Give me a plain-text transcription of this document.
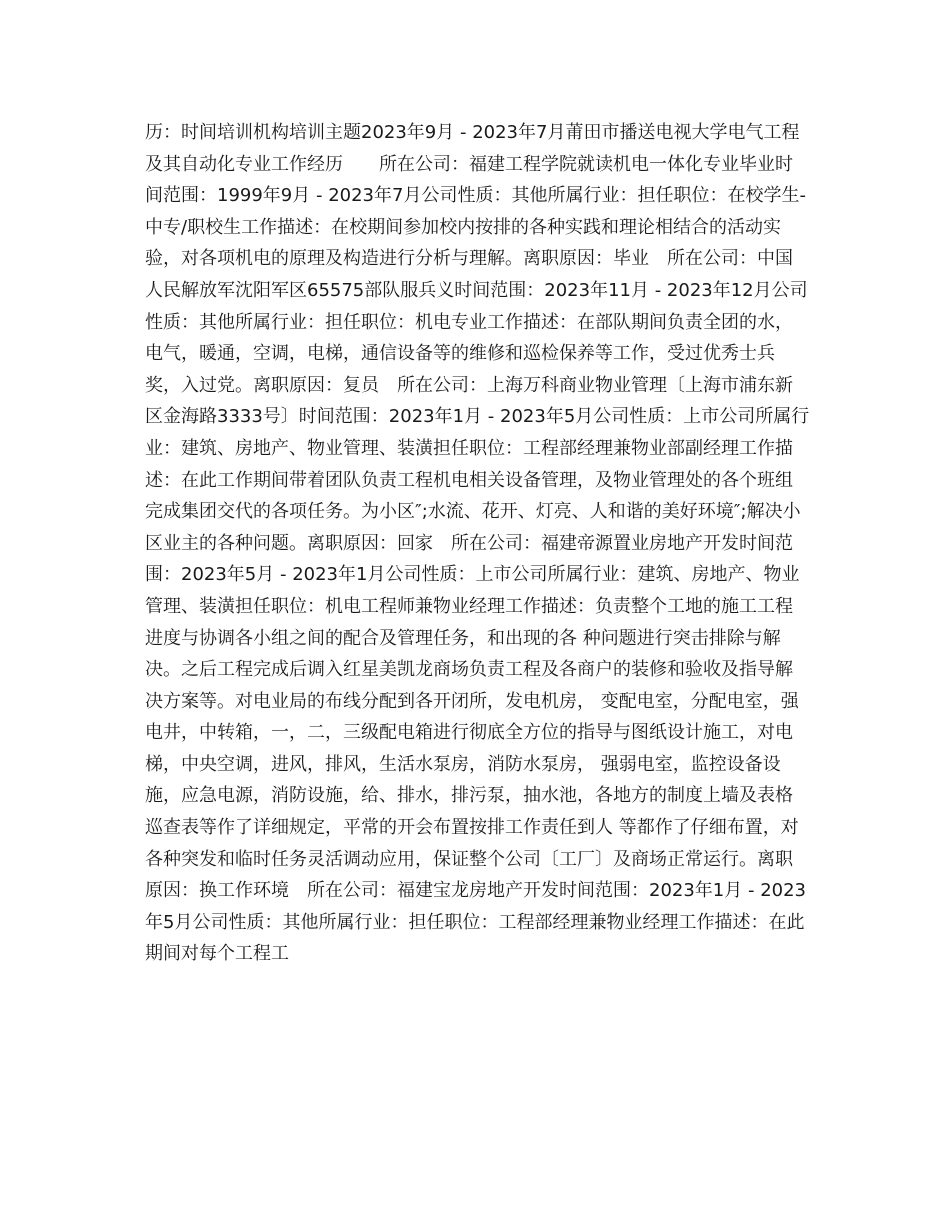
历：时间培训机构培训主题2023年9月 - 2023年7月莆田市播送电视大学电气工程及其自动化专业工作经历　　所在公司：福建工程学院就读机电一体化专业毕业时间范围：1999年9月 - 2023年7月公司性质：其他所属行业：担任职位：在校学生-中专/职校生工作描述：在校期间参加校内按排的各种实践和理论相结合的活动实验，对各项机电的原理及构造进行分析与理解。离职原因：毕业　所在公司：中国人民解放军沈阳军区65575部队服兵义时间范围：2023年11月 - 2023年12月公司性质：其他所属行业：担任职位：机电专业工作描述：在部队期间负责全团的水，电气，暖通，空调，电梯，通信设备等的维修和巡检保养等工作，受过优秀士兵奖，入过党。离职原因：复员　所在公司：上海万科商业物业管理〔上海市浦东新区金海路3333号〕时间范围：2023年1月 - 2023年5月公司性质：上市公司所属行业：建筑、房地产、物业管理、装潢担任职位：工程部经理兼物业部副经理工作描述：在此工作期间带着团队负责工程机电相关设备管理，及物业管理处的各个班组完成集团交代的各项任务。为小区″;水流、花开、灯亮、人和谐的美好环境″;解决小区业主的各种问题。离职原因：回家　所在公司：福建帝源置业房地产开发时间范围：2023年5月 - 2023年1月公司性质：上市公司所属行业：建筑、房地产、物业管理、装潢担任职位：机电工程师兼物业经理工作描述：负责整个工地的施工工程进度与协调各小组之间的配合及管理任务，和出现的各 种问题进行突击排除与解决。之后工程完成后调入红星美凯龙商场负责工程及各商户的装修和验收及指导解决方案等。对电业局的布线分配到各开闭所，发电机房， 变配电室，分配电室，强电井，中转箱，一，二，三级配电箱进行彻底全方位的指导与图纸设计施工，对电梯，中央空调，进风，排风，生活水泵房，消防水泵房， 强弱电室，监控设备设施，应急电源，消防设施，给、排水，排污泵，抽水池，各地方的制度上墙及表格巡查表等作了详细规定，平常的开会布置按排工作责任到人 等都作了仔细布置，对各种突发和临时任务灵活调动应用，保证整个公司〔工厂〕及商场正常运行。离职原因：换工作环境　所在公司：福建宝龙房地产开发时间范围：2023年1月 - 2023年5月公司性质：其他所属行业：担任职位：工程部经理兼物业经理工作描述：在此期间对每个工程工
